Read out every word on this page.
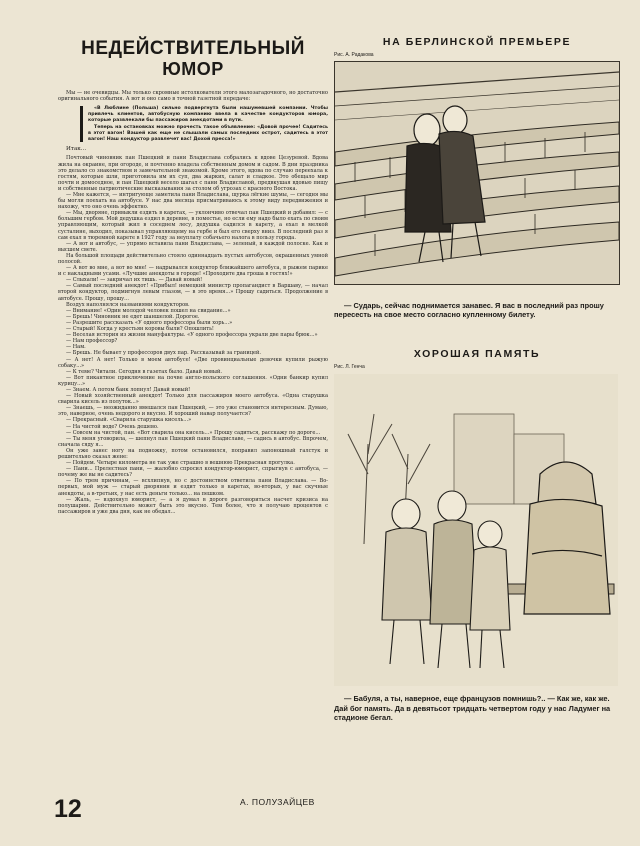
НЕДЕЙСТВИТЕЛЬНЫЙ
ЮМОР

Мы — не очевидцы. Мы только скромные истолкователи этого малозагадочного, но достаточно оригинального события. А вот и оно само в точной газетной передаче:

«В Люблине (Польша) сильно подвергнута были нашумевшей компании. Чтобы привлечь клиентов, автобусную компанию ввела в качестве кондукторов юмора, которые развлекали бы пассажиров анекдотами в пути.

Теперь на остановках можно прочесть такое объявление: «Довой прочее! Садитесь в этот вагон! Вашей как еще не слышали самых последних острот, садитесь в этот вагон! Наш кондуктор развлечет вас! Дохой пресса!»

Итак...

Почтовый чиновник пан Пшецкий и пани Владислава собрались к вдове Цезуревой. Вдова жила на окраине, при огороде, и почтенно владела собственным домом и садом. В дни праздника это делало со знакомством и замечательной знакомой. Кроме этого, вдова по случаю переехала к гостям, которые шли, приготовила им их суп, два жарких, салат и сладкое. Это обещало мир почти и домоседное, и пан Пшецкий весело шагал с пани Владиславой, предвкушая вдовью пищу и собственные патриотические высказывания за столом об угрозах с красного Востока.

— Мне кажется, — интригующе заметила пани Владислава, щурка лёгкие шумы, — сегодня мы бы могли поехать на автобусе. У нас два месяца присматриваюсь к этому виду передвижения и нахожу, что оно очень эффектно.

— Мы, дворяне, привыкли ездить в каретах, — уклончиво отвечал пан Пшецкий и добавил: — с большим гербом. Мой дедушка ездил в деревне, в поместье, но если ему надо было ехать по своим управляющим, который жил в соседнем лесу, дедушка садился в карету, а ехал в мелкой сусталине, выходил, показывал управляющему на гербе и был его сверху вниз. В последний раз я сам ехал в тюремной карете в 1927 году за неуплату собачьего налога в пользу города.

— А вот и автобус, — упрямо вставила пани Владислава, — зеленый, в каждой полоске. Как и высшем свете.

На большой площади действительно стояло одиннадцать пустых автобусов, окрашенных умной полосой.

— А вот во мне, а вот во мне! — надрывался кондуктор ближайшего автобуса, в рыжем парике и с накладными усами. «Лучшие анекдоты в городе! «Проходите два гроша в гостях!»

— Слыхали! — закричал их тишь. — Давай новый!

— Самый последний анекдот! «Прибыл! немецкий министр пропагандист в Варшаву, — начал второй кондуктор, подмигнув левым глазом, — в это время...» Прошу садиться. Продолжение в автобусе. Прошу, прошу...

Воздух наполнялся названиями кондукторов.

— Внимание! «Один молодой человек пошел на свидание...»

— Брешь! Чиновник не едет шаншелой. Дорогое.

— Разрешите рассказать «У одного профессора были хорь...»

— Старый! Когда у крестьян коровы были? Опошлить!

— Веселая история из жизни мануфактуры. «У одного профессора украли две пары брюк...»

— Нам профессор?

— Нам.

— Брешь. Не бывает у профессоров двух пар. Рассказывай за границей.

— А нет! А нет! Только в моем автобусе! «Две провинциальные девочки купили рыжую собаку...»

— К теме? Читали. Сегодня в газетах было. Давай новый.

— Вот пикантное приключение на почве англо-польского соглашения. «Одни банкир купил курицу...»

— Знаем. А потом банк лопнул! Давай новый!

— Новый хозяйственный анекдот! Только для пассажиров моего автобуса. «Одна старушка сварила кисель из полуток...»

— Знаешь, — неожиданно вмешался пан Пшецкий, — это уже становится интересным. Думаю, это, наверное, очень недорого и вкусно. И хороший навар получается?

— Прекрасный. «Сварила старушка кисель...»

— На чистой воде? Очень дешево.

— Совсем на чистой, пан. «Вот сварила она кисель...» Прошу садиться, расскажу по дороге...

— Ты меня уговорила, — шепнул пан Пшецкий пани Владиславе, — садись в автобус. Впрочем, сначала сяду я...

Он уже занес ногу на подножку, потом остановился, поправил запоношный галстук и решительно сказал жене:

— Пойдем. Четыре километра не так уже страшно в вешнюю Прекрасная прогулка.

— Пани... Прелестная пани, — жалобно спросил кондуктор-юморист, спрыгнув с автобуса, — почему же вы не садитесь?

— По трем причинам, — всхлипнув, но с достоинством ответила пани Владислава. — Во-первых, мой муж — старый дворянин и ездит только в каретах, во-вторых, у вас скучные анекдоты, а в-третьих, у нас есть деньги только... на пешком.

— Жаль, — вздохнул юморист, — а я думал в дороге разговориться насчет кризиса на полушарии. Действительно может быть это вкусно. Тем более, что я получаю процентов с пассажиров и уже два дня, как не обедал...

12	А. ПОЛУЗАЙЦЕВ
НА БЕРЛИНСКОЙ ПРЕМЬЕРЕ
Рис. А. Радакова

— Сударь, сейчас поднимается занавес. Я вас в последний раз прошу пересесть на свое место согласно купленному билету.

ХОРОШАЯ ПАМЯТЬ
Рис. Л. Генча

— Бабуля, а ты, наверное, еще французов помнишь?.. — Как же, как же. Дай бог память. Да в девятьсот тридцать четвертом году у нас Ладумег на стадионе бегал.
